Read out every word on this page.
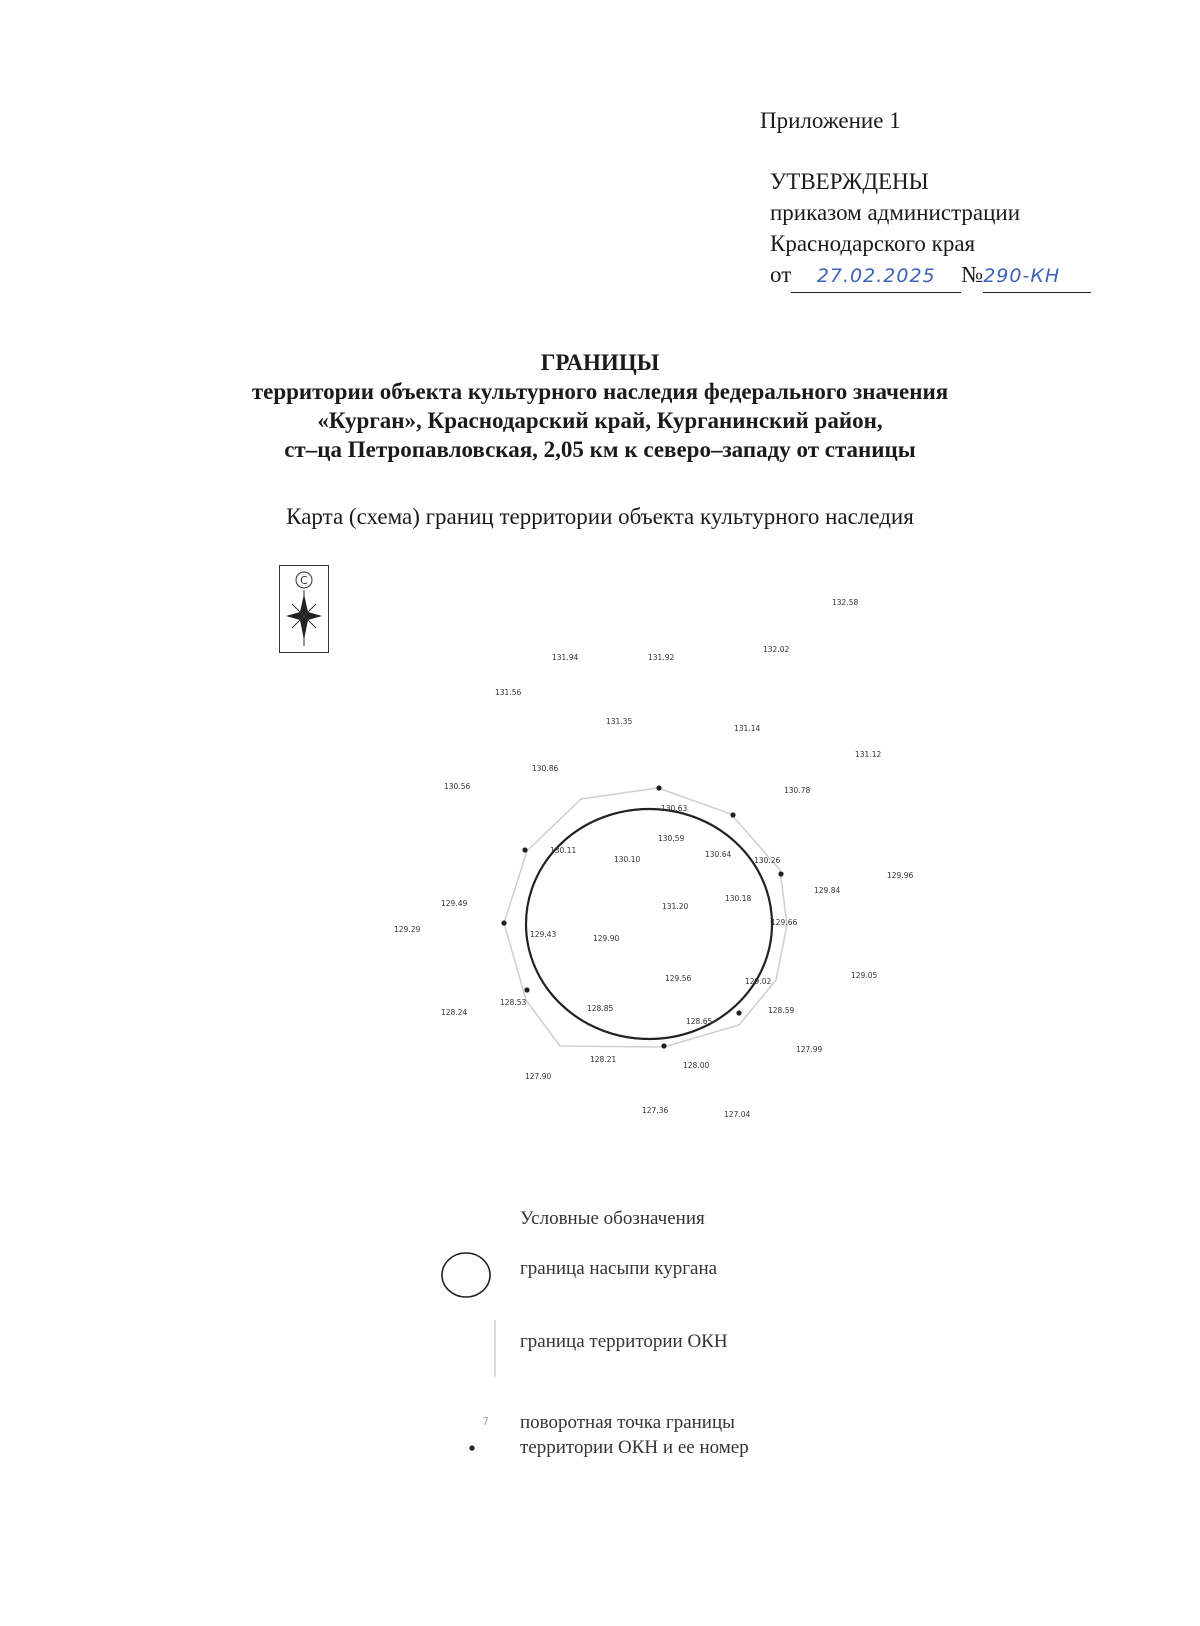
Приложение 1
УТВЕРЖДЕНЫ
приказом администрации
Краснодарского края
от 27.02.2025 №290-КН
ГРАНИЦЫ
территории объекта культурного наследия федерального значения
«Курган», Краснодарский край, Курганинский район,
ст–ца Петропавловская, 2,05 км к северо–западу от станицы
Карта (схема) границ территории объекта культурного наследия
С
132.58
132.02
131.94	131.92
131.56
131.35
131.14
131.12
130.86
130.56	130.78
130.63
130.59
130.11
130.10
130.64
130.26
129.84
129.96
131.20
130.18
129.49
129.29
129.43	129.90
129.66
129.56	129.05
129.02
128.24
128.53
128.85	128.59
128.65
127.99
128.21
128.00
127.90
127.36	127.04
7
Условные обозначения
граница насыпи кургана
граница территории ОКН
поворотная точка границы
территории ОКН и ее номер
